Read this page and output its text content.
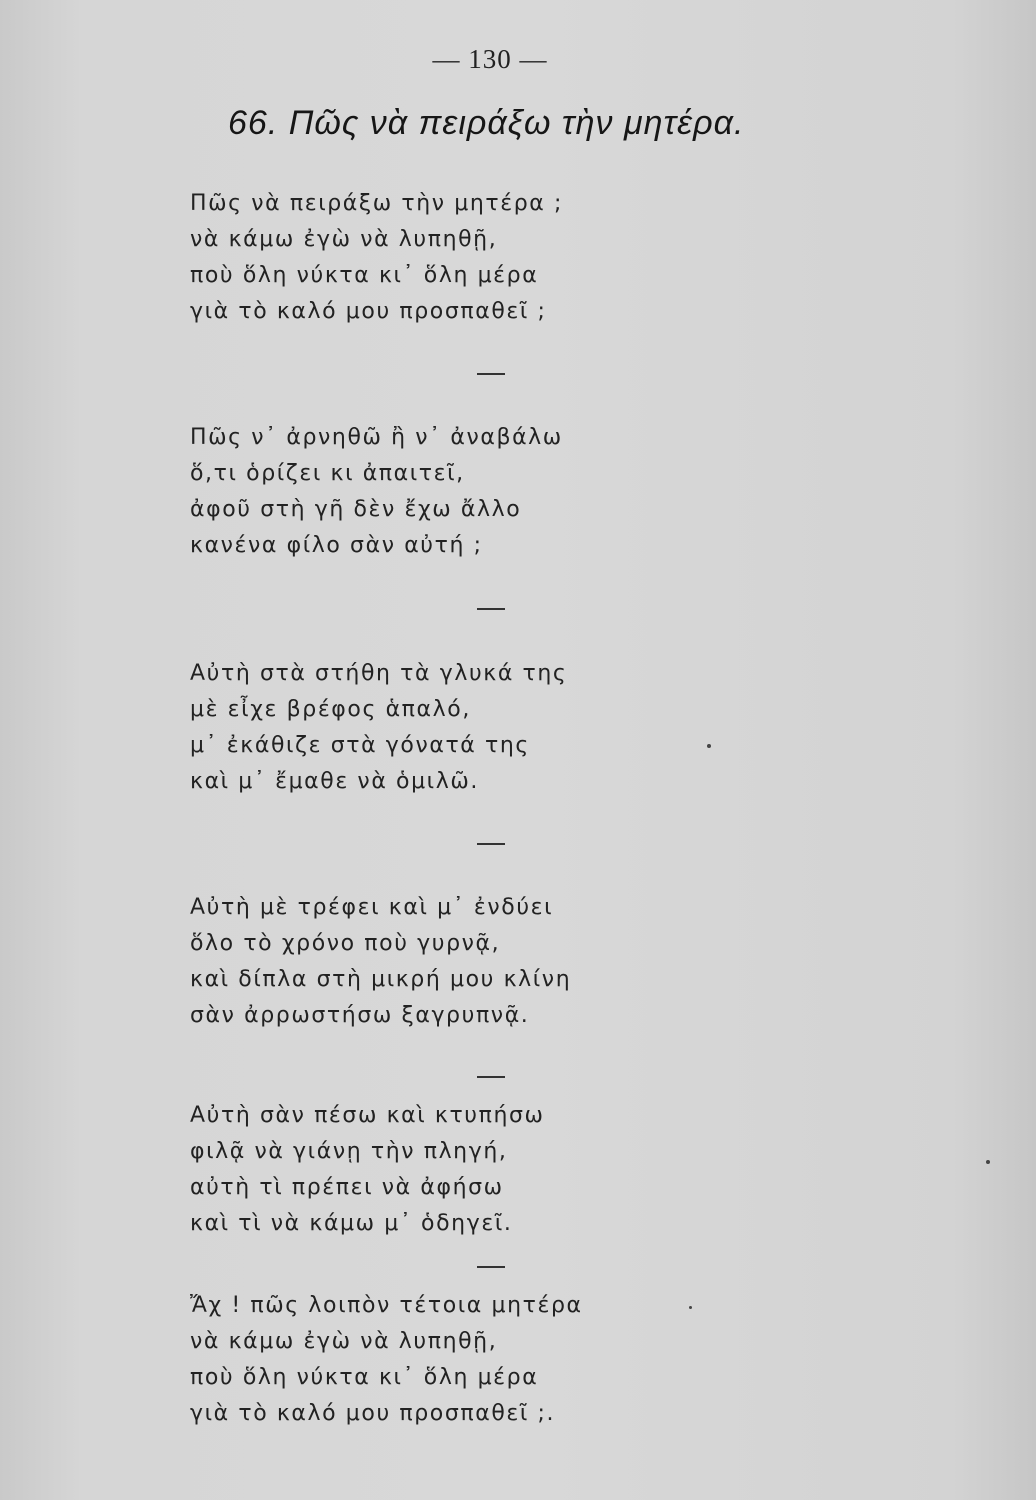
— 130 —
66. Πῶς νὰ πειράξω τὴν μητέρα.
Πῶς νὰ πειράξω τὴν μητέρα ;
νὰ κάμω ἐγὼ νὰ λυπηθῇ,
ποὺ ὅλη νύκτα κι᾽ ὅλη μέρα
γιὰ τὸ καλό μου προσπαθεῖ ;
Πῶς ν᾽ ἀρνηθῶ ἢ ν᾽ ἀναβάλω
ὅ,τι ὁρίζει κι ἀπαιτεῖ,
ἀφοῦ στὴ γῆ δὲν ἔχω ἄλλο
κανένα φίλο σὰν αὐτή ;
Αὐτὴ στὰ στήθη τὰ γλυκά της
μὲ εἶχε βρέφος ἁπαλό,
μ᾽ ἐκάθιζε στὰ γόνατά της
καὶ μ᾽ ἔμαθε νὰ ὁμιλῶ.
Αὐτὴ μὲ τρέφει καὶ μ᾽ ἐνδύει
ὅλο τὸ χρόνο ποὺ γυρνᾷ,
καὶ δίπλα στὴ μικρή μου κλίνη
σὰν ἀρρωστήσω ξαγρυπνᾷ.
Αὐτὴ σὰν πέσω καὶ κτυπήσω
φιλᾷ νὰ γιάνῃ τὴν πληγή,
αὐτὴ τὶ πρέπει νὰ ἀφήσω
καὶ τὶ νὰ κάμω μ᾽ ὁδηγεῖ.
Ἄχ ! πῶς λοιπὸν τέτοια μητέρα
νὰ κάμω ἐγὼ νὰ λυπηθῇ,
ποὺ ὅλη νύκτα κι᾽ ὅλη μέρα
γιὰ τὸ καλό μου προσπαθεῖ ;.
